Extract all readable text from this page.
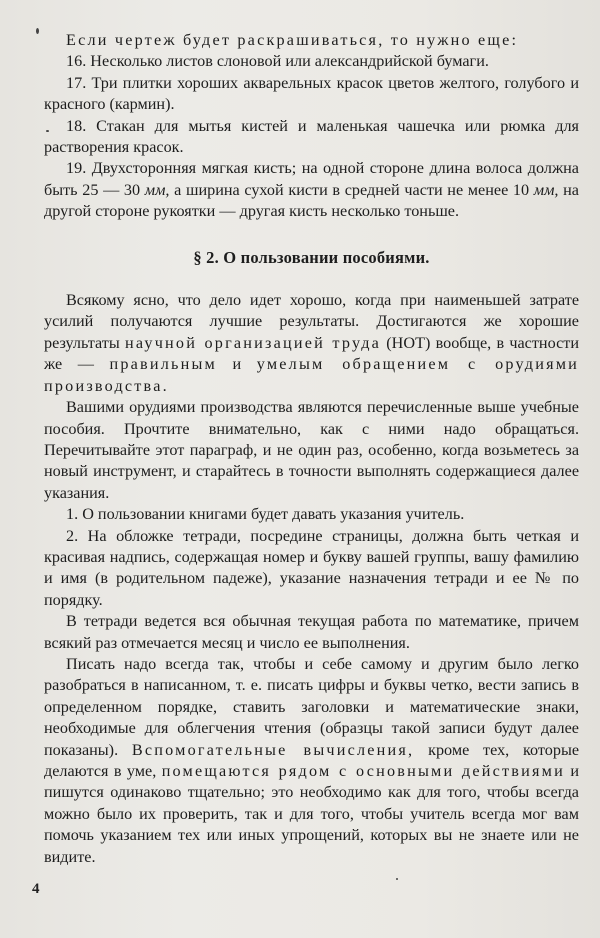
Если чертеж будет раскрашиваться, то нужно еще:

16. Несколько листов слоновой или александрийской бумаги.

17. Три плитки хороших акварельных красок цветов желтого, голубого и красного (кармин).

18. Стакан для мытья кистей и маленькая чашечка или рюмка для растворения красок.

19. Двухсторонняя мягкая кисть; на одной стороне длина волоса должна быть 25 — 30 мм, а ширина сухой кисти в средней части не менее 10 мм, на другой стороне рукоятки — другая кисть несколько тоньше.

§ 2. О пользовании пособиями.

Всякому ясно, что дело идет хорошо, когда при наименьшей затрате усилий получаются лучшие результаты. Достигаются же хорошие результаты научной организацией труда (НОТ) вообще, в частности же — правильным и умелым обращением с орудиями производства.

Вашими орудиями производства являются перечисленные выше учебные пособия. Прочтите внимательно, как с ними надо обращаться. Перечитывайте этот параграф, и не один раз, особенно, когда возьметесь за новый инструмент, и старайтесь в точности выполнять содержащиеся далее указания.

1. О пользовании книгами будет давать указания учитель.

2. На обложке тетради, посредине страницы, должна быть четкая и красивая надпись, содержащая номер и букву вашей группы, вашу фамилию и имя (в родительном падеже), указание назначения тетради и ее № по порядку.

В тетради ведется вся обычная текущая работа по математике, причем всякий раз отмечается месяц и число ее выполнения.

Писать надо всегда так, чтобы и себе самому и другим было легко разобраться в написанном, т. е. писать цифры и буквы четко, вести запись в определенном порядке, ставить заголовки и математические знаки, необходимые для облегчения чтения (образцы такой записи будут далее показаны). Вспомогательные вычисления, кроме тех, которые делаются в уме, помещаются рядом с основными действиями и пишутся одинаково тщательно; это необходимо как для того, чтобы всегда можно было их проверить, так и для того, чтобы учитель всегда мог вам помочь указанием тех или иных упрощений, которых вы не знаете или не видите.

4
